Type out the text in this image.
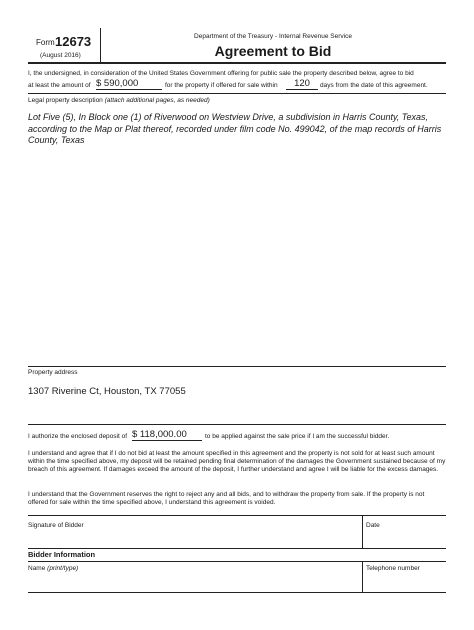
Form 12673
(August 2016)
Department of the Treasury - Internal Revenue Service
Agreement to Bid
I, the undersigned, in consideration of the United States Government offering for public sale the property described below, agree to bid
at least the amount of $ 590,000	for the property if offered for sale within	120	days from the date of this agreement.
Legal property description (attach additional pages, as needed)
Lot Five (5), In Block one (1) of Riverwood on Westview Drive, a subdivision in Harris County, Texas, according to the Map or Plat thereof, recorded under film code No. 499042, of the map records of Harris County, Texas
Property address
1307 Riverine Ct, Houston, TX 77055
I authorize the enclosed deposit of $ 118,000.00	to be applied against the sale price if I am the successful bidder.
I understand and agree that if I do not bid at least the amount specified in this agreement and the property is not sold for at least such amount within the time specified above, my deposit will be retained pending final determination of the damages the Government sustained because of my breach of this agreement. If damages exceed the amount of the deposit, I further understand and agree I will be liable for the excess damages.
I understand that the Government reserves the right to reject any and all bids, and to withdraw the property from sale. If the property is not offered for sale within the time specified above, I understand this agreement is voided.
Signature of Bidder	Date
Bidder Information
Name (print/type)	Telephone number
